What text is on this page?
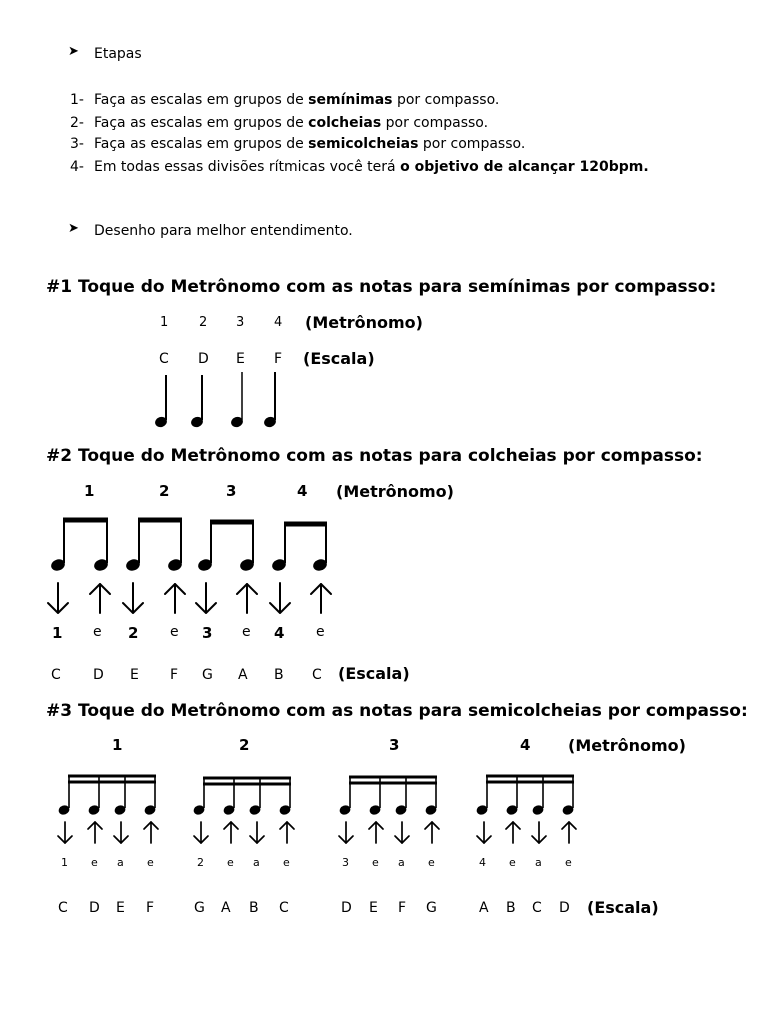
➤ Etapas
1- Faça as escalas em grupos de semínimas por compasso.
2- Faça as escalas em grupos de colcheias por compasso.
3- Faça as escalas em grupos de semicolcheias por compasso.
4- Em todas essas divisões rítmicas você terá o objetivo de alcançar 120bpm.
➤ Desenho para melhor entendimento.
#1 Toque do Metrônomo com as notas para semínimas por compasso:
1 2 3 4 (Metrônomo)
C D E F (Escala)
#2 Toque do Metrônomo com as notas para colcheias por compasso:
1	2	3	4 (Metrônomo)
1 e 2 e 3 e 4 e
C D E F G A B C (Escala)
#3 Toque do Metrônomo com as notas para semicolcheias por compasso:
1	2	3	4 (Metrônomo)
1 e a e	2 e a e	3 e a e	4 e a e
C D E F	G A B C	D E F G	A B C D (Escala)
